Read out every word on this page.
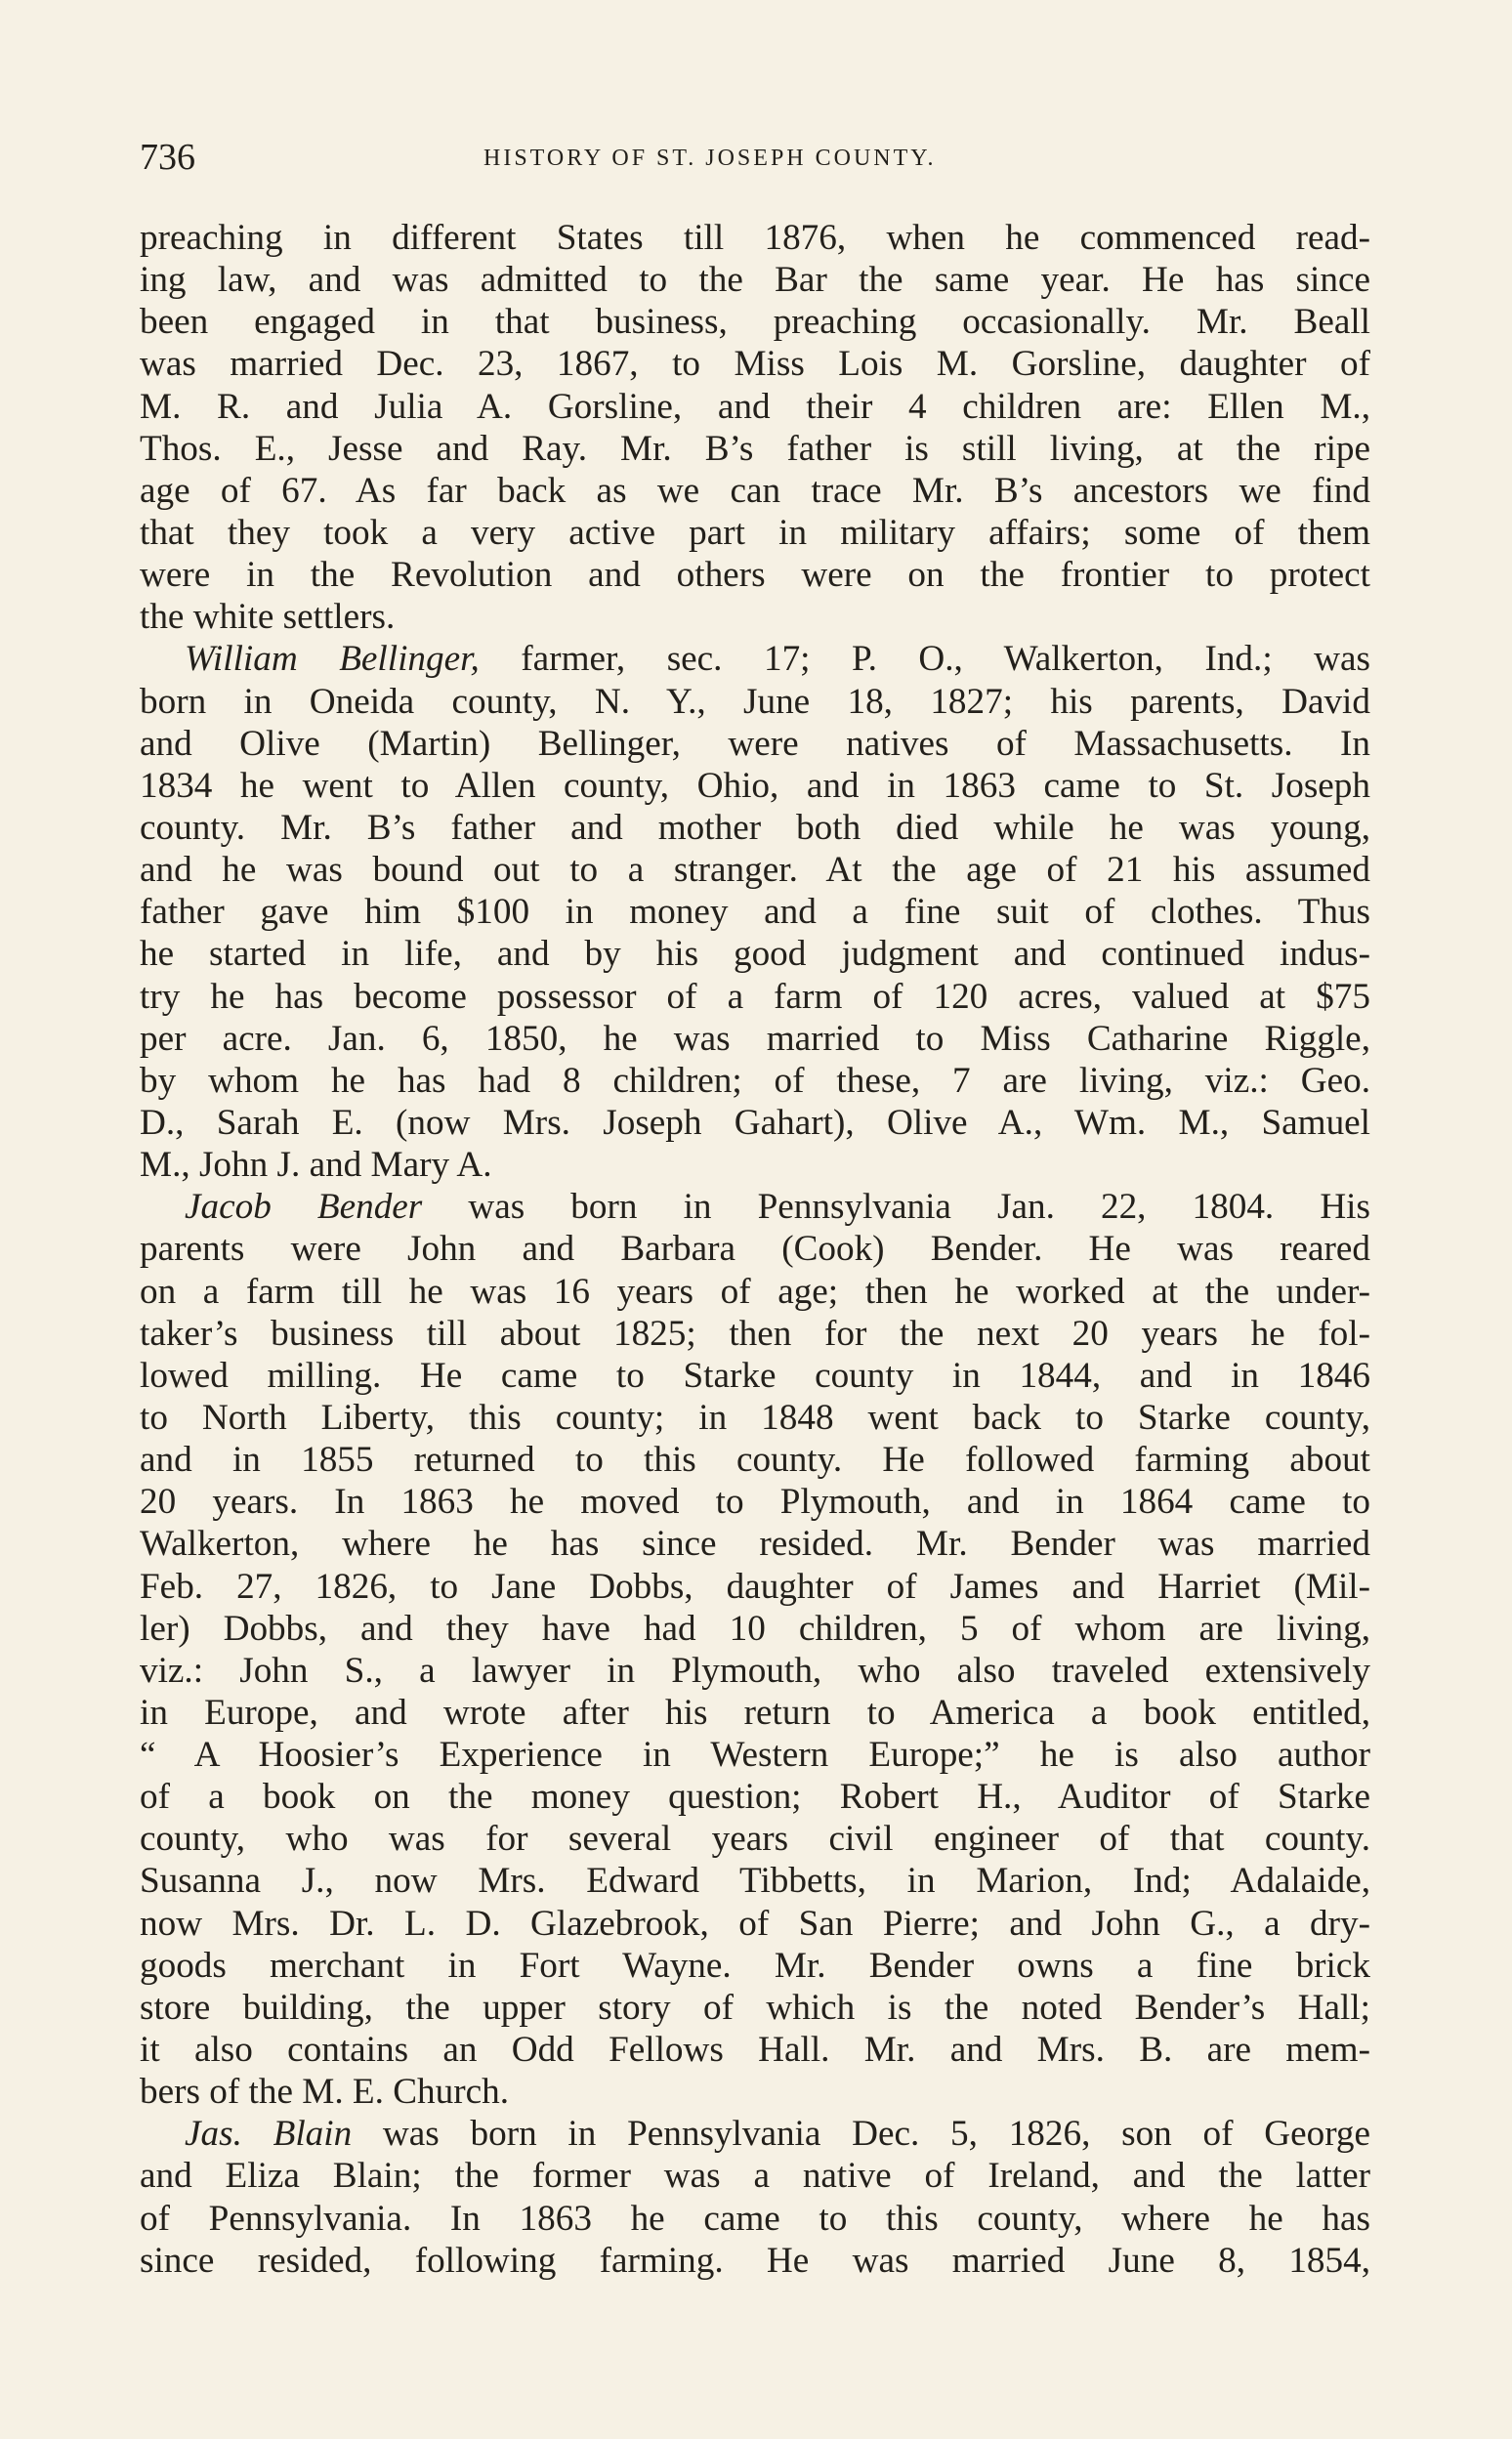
736	HISTORY OF ST. JOSEPH COUNTY.
preaching in different States till 1876, when he commenced read-
ing law, and was admitted to the Bar the same year. He has since
been engaged in that business, preaching occasionally. Mr. Beall
was married Dec. 23, 1867, to Miss Lois M. Gorsline, daughter of
M. R. and Julia A. Gorsline, and their 4 children are: Ellen M.,
Thos. E., Jesse and Ray. Mr. B’s father is still living, at the ripe
age of 67. As far back as we can trace Mr. B’s ancestors we find
that they took a very active part in military affairs; some of them
were in the Revolution and others were on the frontier to protect
the white settlers.
William Bellinger, farmer, sec. 17; P. O., Walkerton, Ind.; was
born in Oneida county, N. Y., June 18, 1827; his parents, David
and Olive (Martin) Bellinger, were natives of Massachusetts. In
1834 he went to Allen county, Ohio, and in 1863 came to St. Joseph
county. Mr. B’s father and mother both died while he was young,
and he was bound out to a stranger. At the age of 21 his assumed
father gave him $100 in money and a fine suit of clothes. Thus
he started in life, and by his good judgment and continued indus-
try he has become possessor of a farm of 120 acres, valued at $75
per acre. Jan. 6, 1850, he was married to Miss Catharine Riggle,
by whom he has had 8 children; of these, 7 are living, viz.: Geo.
D., Sarah E. (now Mrs. Joseph Gahart), Olive A., Wm. M., Samuel
M., John J. and Mary A.
Jacob Bender was born in Pennsylvania Jan. 22, 1804. His
parents were John and Barbara (Cook) Bender. He was reared
on a farm till he was 16 years of age; then he worked at the under-
taker’s business till about 1825; then for the next 20 years he fol-
lowed milling. He came to Starke county in 1844, and in 1846
to North Liberty, this county; in 1848 went back to Starke county,
and in 1855 returned to this county. He followed farming about
20 years. In 1863 he moved to Plymouth, and in 1864 came to
Walkerton, where he has since resided. Mr. Bender was married
Feb. 27, 1826, to Jane Dobbs, daughter of James and Harriet (Mil-
ler) Dobbs, and they have had 10 children, 5 of whom are living,
viz.: John S., a lawyer in Plymouth, who also traveled extensively
in Europe, and wrote after his return to America a book entitled,
“ A Hoosier’s Experience in Western Europe;” he is also author
of a book on the money question; Robert H., Auditor of Starke
county, who was for several years civil engineer of that county.
Susanna J., now Mrs. Edward Tibbetts, in Marion, Ind; Adalaide,
now Mrs. Dr. L. D. Glazebrook, of San Pierre; and John G., a dry-
goods merchant in Fort Wayne. Mr. Bender owns a fine brick
store building, the upper story of which is the noted Bender’s Hall;
it also contains an Odd Fellows Hall. Mr. and Mrs. B. are mem-
bers of the M. E. Church.
Jas. Blain was born in Pennsylvania Dec. 5, 1826, son of George
and Eliza Blain; the former was a native of Ireland, and the latter
of Pennsylvania. In 1863 he came to this county, where he has
since resided, following farming. He was married June 8, 1854,
